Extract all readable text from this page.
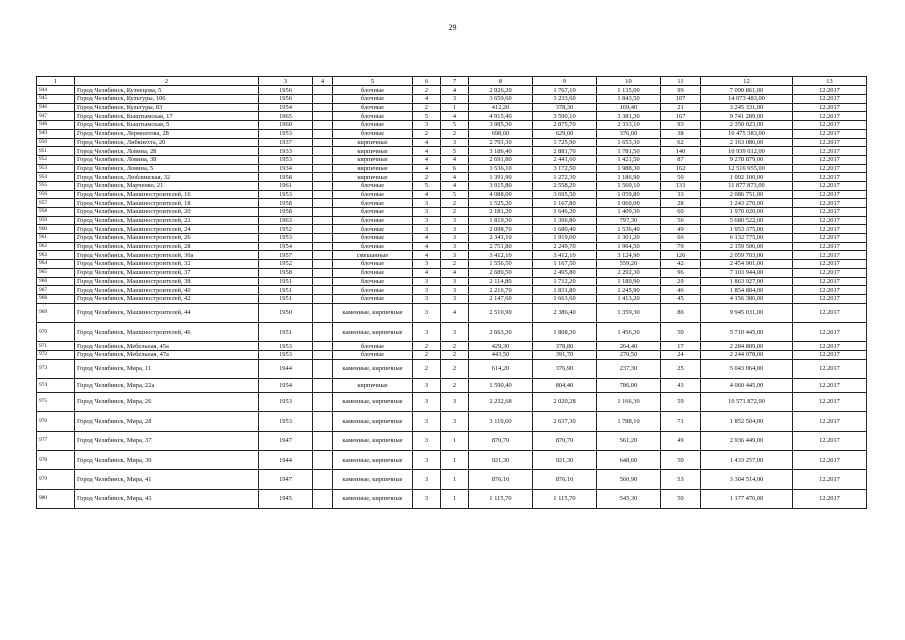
29
1	2	3	4	5	6	7	8	9	10	11	12	13
944	Город Челябинск, Кузнецова, 5	1956		блочные	2	4	2 926,20	1 767,10	1 135,00	99	7 090 861,00	12.2017
945	Город Челябинск, Культуры, 106	1956		блочные	4	3	3 659,60	3 233,60	1 843,50	107	14 073 483,00	12.2017
946	Город Челябинск, Культуры, 83	1954		блочные	2	1	412,20	378,30	169,40	21	3 245 331,00	12.2017
947	Город Челябинск, Кыштымская, 17	1965		блочные	5	4	4 915,40	3 590,10	3 381,30	167	9 741 289,00	12.2017
948	Город Челябинск, Кыштымская, 5	1960		блочные	3	5	3 985,30	2 875,70	2 333,10	93	2 350 023,00	12.2017
949	Город Челябинск, Лермонтова, 28	1953		блочные	2	2	698,60	629,00	376,00	38	10 475 383,00	12.2017
950	Город Челябинск, Либкнехта, 20	1937		кирпичные	4	3	2 791,30	1 725,90	1 653,30	62	2 163 086,00	12.2017
951	Город Челябинск, Ловина, 28	1933		кирпичные	4	5	3 186,40	2 881,70	1 781,50	140	10 939 012,00	12.2017
952	Город Челябинск, Ловина, 38	1953		кирпичные	4	4	2 691,80	2 441,60	1 421,50	87	9 278 879,00	12.2017
953	Город Челябинск, Ловина, 5	1934		кирпичные	4	6	3 536,10	3 172,50	1 988,30	162	12 516 955,00	12.2017
954	Город Челябинск, Люблинская, 32	1958		кирпичные	2	4	1 391,90	1 272,30	1 186,90	50	1 092 100,00	12.2017
955	Город Челябинск, Марченко, 21	1961		блочные	5	4	3 915,80	2 558,20	1 560,10	133	11 877 873,00	12.2017
956	Город Челябинск, Машиностроителей, 16	1953		блочные	4	5	4 088,00	3 695,50	1 059,80	33	2 086 751,00	12.2017
957	Город Челябинск, Машиностроителей, 18	1958		блочные	3	2	1 525,20	1 167,80	1 060,00	28	1 243 270,00	12.2017
958	Город Челябинск, Машиностроителей, 20	1958		блочные	3	2	2 181,20	1 646,20	1 409,30	60	1 970 020,00	12.2017
959	Город Челябинск, Машиностроителей, 22	1963		блочные	3	3	1 819,30	1 396,80	797,30	56	5 680 522,00	12.2017
960	Город Челябинск, Машиностроителей, 24	1952		блочные	3	3	2 098,70	1 680,40	1 536,40	49	1 953 375,00	12.2017
961	Город Челябинск, Машиностроителей, 26	1953		блочные	4	3	2 341,10	1 919,00	1 301,20	66	6 132 775,00	12.2017
962	Город Челябинск, Машиностроителей, 28	1954		блочные	4	3	2 751,80	2 249,70	1 964,50	79	2 159 506,00	12.2017
963	Город Челябинск, Машиностроителей, 30а	1957		смешанные	4	3	3 412,10	3 412,10	3 124,90	126	2 059 703,00	12.2017
964	Город Челябинск, Машиностроителей, 32	1952		блочные	3	2	1 556,50	1 167,50	559,20	42	2 454 901,00	12.2017
965	Город Челябинск, Машиностроителей, 37	1958		блочные	4	4	2 689,50	2 495,80	2 292,30	96	7 103 944,00	12.2017
966	Город Челябинск, Машиностроителей, 38	1951		блочные	3	3	2 114,80	1 712,20	1 189,90	29	1 863 927,00	12.2017
967	Город Челябинск, Машиностроителей, 40	1951		блочные	3	3	2 216,70	1 831,80	1 245,90	46	1 854 884,00	12.2017
968	Город Челябинск, Машиностроителей, 42	1951		блочные	3	3	2 147,60	1 663,60	1 413,20	45	4 156 386,00	12.2017
969	Город Челябинск, Машиностроителей, 44	1950		каменные, кирпичные	3	4	2 510,90	2 386,40	1 359,30	80	9 945 031,00	12.2017
970	Город Челябинск, Машиностроителей, 46	1951		каменные, кирпичные	3	3	2 663,30	1 808,30	1 456,30	50	5 710 445,00	12.2017
971	Город Челябинск, Мебельная, 45а	1953		блочные	2	2	429,30	378,80	264,40	17	2 284 809,00	12.2017
972	Город Челябинск, Мебельная, 47а	1953		блочные	2	2	443,50	391,70	270,50	24	2 244 078,00	12.2017
973	Город Челябинск, Мира, 11	1944		каменные, кирпичные	2	2	614,20	376,90	237,30	25	5 043 064,00	12.2017
974	Город Челябинск, Мира, 22а	1954		кирпичные	3	2	1 590,40	804,40	786,00	43	4 060 445,00	12.2017
975	Город Челябинск, Мира, 26	1953		каменные, кирпичные	3	3	2 232,68	2 020,28	1 166,30	59	10 571 872,00	12.2017
976	Город Челябинск, Мира, 28	1953		каменные, кирпичные	3	3	3 119,60	2 637,30	1 788,10	71	1 852 504,00	12.2017
977	Город Челябинск, Мира, 37	1947		каменные, кирпичные	3	1	870,70	870,70	561,20	49	2 936 449,00	12.2017
978	Город Челябинск, Мира, 39	1944		каменные, кирпичные	3	1	921,30	921,30	648,60	50	1 433 257,00	12.2017
979	Город Челябинск, Мира, 41	1947		каменные, кирпичные	3	1	876,10	876,10	560,90	53	3 304 514,00	12.2017
980	Город Челябинск, Мира, 43	1945		каменные, кирпичные	3	1	1 115,70	1 115,70	545,30	50	1 177 476,00	12.2017
